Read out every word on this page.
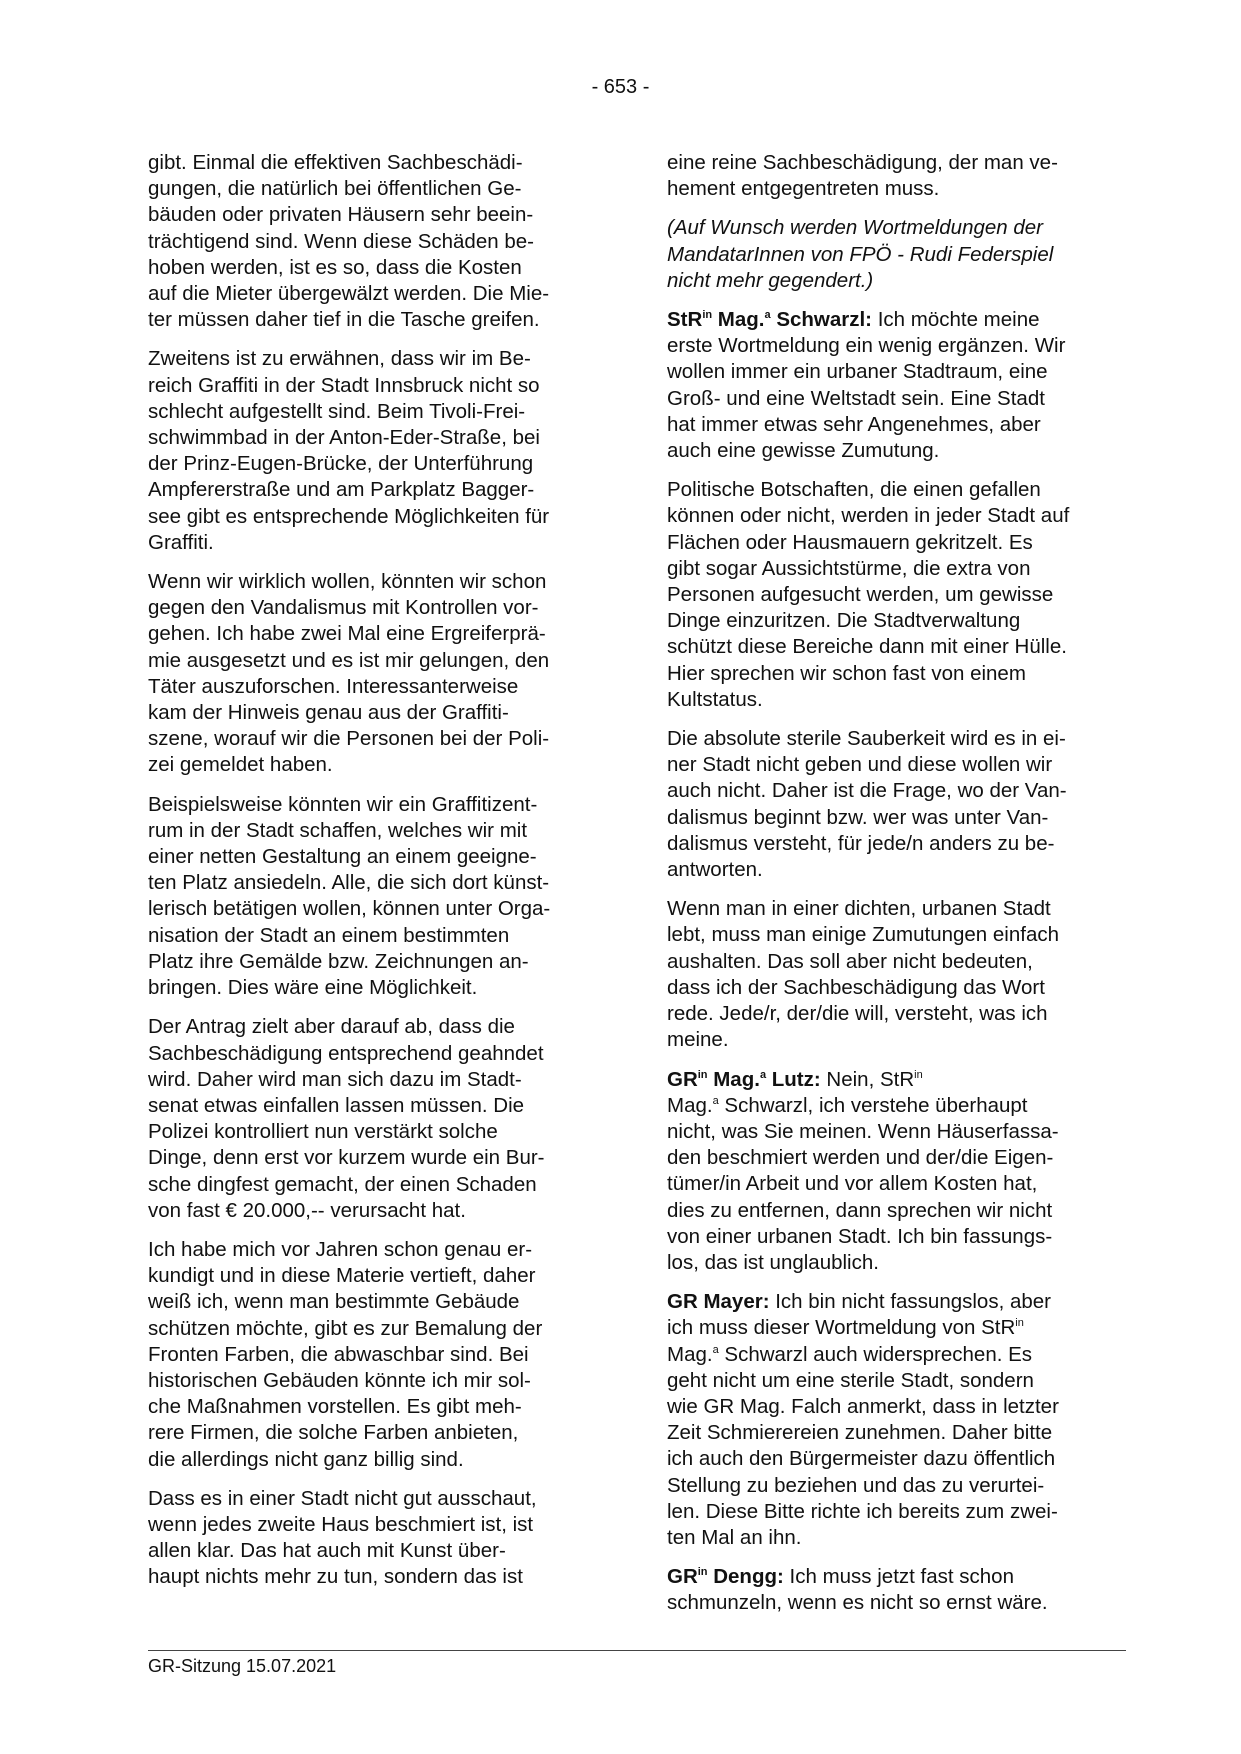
- 653 -

gibt. Einmal die effektiven Sachbeschädi-
gungen, die natürlich bei öffentlichen Ge-
bäuden oder privaten Häusern sehr beein-
trächtigend sind. Wenn diese Schäden be-
hoben werden, ist es so, dass die Kosten
auf die Mieter übergewälzt werden. Die Mie-
ter müssen daher tief in die Tasche greifen.

Zweitens ist zu erwähnen, dass wir im Be-
reich Graffiti in der Stadt Innsbruck nicht so
schlecht aufgestellt sind. Beim Tivoli-Frei-
schwimmbad in der Anton-Eder-Straße, bei
der Prinz-Eugen-Brücke, der Unterführung
Ampfererstraße und am Parkplatz Bagger-
see gibt es entsprechende Möglichkeiten für
Graffiti.

Wenn wir wirklich wollen, könnten wir schon
gegen den Vandalismus mit Kontrollen vor-
gehen. Ich habe zwei Mal eine Ergreiferprä-
mie ausgesetzt und es ist mir gelungen, den
Täter auszuforschen. Interessanterweise
kam der Hinweis genau aus der Graffiti-
szene, worauf wir die Personen bei der Poli-
zei gemeldet haben.

Beispielsweise könnten wir ein Graffitizent-
rum in der Stadt schaffen, welches wir mit
einer netten Gestaltung an einem geeigne-
ten Platz ansiedeln. Alle, die sich dort künst-
lerisch betätigen wollen, können unter Orga-
nisation der Stadt an einem bestimmten
Platz ihre Gemälde bzw. Zeichnungen an-
bringen. Dies wäre eine Möglichkeit.

Der Antrag zielt aber darauf ab, dass die
Sachbeschädigung entsprechend geahndet
wird. Daher wird man sich dazu im Stadt-
senat etwas einfallen lassen müssen. Die
Polizei kontrolliert nun verstärkt solche
Dinge, denn erst vor kurzem wurde ein Bur-
sche dingfest gemacht, der einen Schaden
von fast € 20.000,-- verursacht hat.

Ich habe mich vor Jahren schon genau er-
kundigt und in diese Materie vertieft, daher
weiß ich, wenn man bestimmte Gebäude
schützen möchte, gibt es zur Bemalung der
Fronten Farben, die abwaschbar sind. Bei
historischen Gebäuden könnte ich mir sol-
che Maßnahmen vorstellen. Es gibt meh-
rere Firmen, die solche Farben anbieten,
die allerdings nicht ganz billig sind.

Dass es in einer Stadt nicht gut ausschaut,
wenn jedes zweite Haus beschmiert ist, ist
allen klar. Das hat auch mit Kunst über-
haupt nichts mehr zu tun, sondern das ist

eine reine Sachbeschädigung, der man ve-
hement entgegentreten muss.

(Auf Wunsch werden Wortmeldungen der
MandatarInnen von FPÖ - Rudi Federspiel
nicht mehr gegendert.)

StR$^{in}$ Mag.$^a$ Schwarzl: Ich möchte meine
erste Wortmeldung ein wenig ergänzen. Wir
wollen immer ein urbaner Stadtraum, eine
Groß- und eine Weltstadt sein. Eine Stadt
hat immer etwas sehr Angenehmes, aber
auch eine gewisse Zumutung.

Politische Botschaften, die einen gefallen
können oder nicht, werden in jeder Stadt auf
Flächen oder Hausmauern gekritzelt. Es
gibt sogar Aussichtstürme, die extra von
Personen aufgesucht werden, um gewisse
Dinge einzuritzen. Die Stadtverwaltung
schützt diese Bereiche dann mit einer Hülle.
Hier sprechen wir schon fast von einem
Kultstatus.

Die absolute sterile Sauberkeit wird es in ei-
ner Stadt nicht geben und diese wollen wir
auch nicht. Daher ist die Frage, wo der Van-
dalismus beginnt bzw. wer was unter Van-
dalismus versteht, für jede/n anders zu be-
antworten.

Wenn man in einer dichten, urbanen Stadt
lebt, muss man einige Zumutungen einfach
aushalten. Das soll aber nicht bedeuten,
dass ich der Sachbeschädigung das Wort
rede. Jede/r, der/die will, versteht, was ich
meine.

$GR^{in}$ Mag.$^a$ Lutz: Nein, StR$^{in}$
Mag.$^a$ Schwarzl, ich verstehe überhaupt
nicht, was Sie meinen. Wenn Häuserfassa-
den beschmiert werden und der/die Eigen-
tümer/in Arbeit und vor allem Kosten hat,
dies zu entfernen, dann sprechen wir nicht
von einer urbanen Stadt. Ich bin fassungs-
los, das ist unglaublich.

GR Mayer: Ich bin nicht fassungslos, aber
ich muss dieser Wortmeldung von StR$^{in}$
Mag.$^a$ Schwarzl auch widersprechen. Es
geht nicht um eine sterile Stadt, sondern
wie GR Mag. Falch anmerkt, dass in letzter
Zeit Schmierereien zunehmen. Daher bitte
ich auch den Bürgermeister dazu öffentlich
Stellung zu beziehen und das zu verurtei-
len. Diese Bitte richte ich bereits zum zwei-
ten Mal an ihn.

$GR^{in}$ Dengg: Ich muss jetzt fast schon
schmunzeln, wenn es nicht so ernst wäre.

GR-Sitzung 15.07.2021
